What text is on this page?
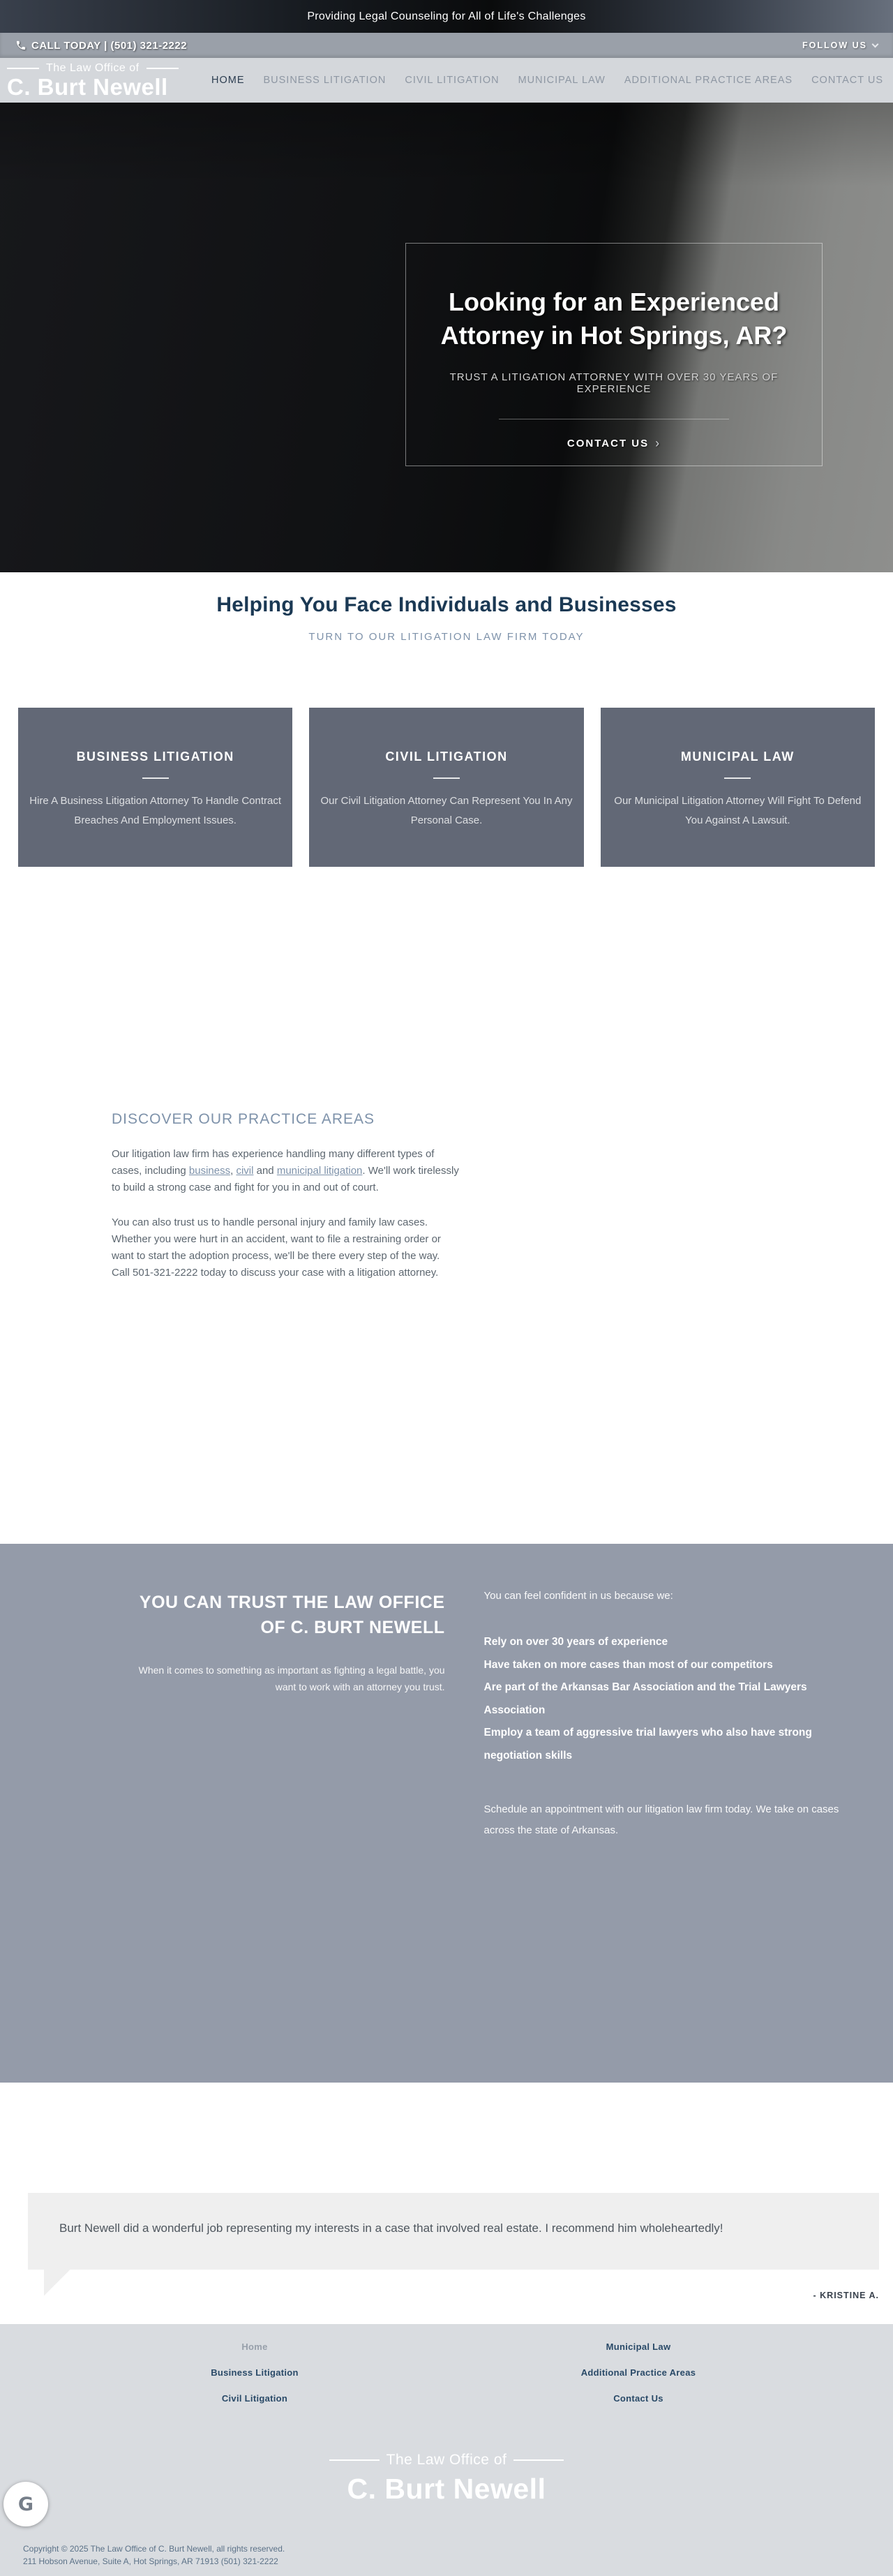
Providing Legal Counseling for All of Life's Challenges
CALL TODAY | (501) 321-2222	FOLLOW US
The Law Office of
C. Burt Newell	HOME BUSINESS LITIGATION CIVIL LITIGATION MUNICIPAL LAW ADDITIONAL PRACTICE AREAS CONTACT US
Looking for an Experienced Attorney in Hot Springs, AR?
TRUST A LITIGATION ATTORNEY WITH OVER 30 YEARS OF EXPERIENCE
CONTACT US ›
Helping You Face Individuals and Businesses
TURN TO OUR LITIGATION LAW FIRM TODAY
BUSINESS LITIGATION
Hire A Business Litigation Attorney To Handle Contract Breaches And Employment Issues.
CIVIL LITIGATION
Our Civil Litigation Attorney Can Represent You In Any Personal Case.
MUNICIPAL LAW
Our Municipal Litigation Attorney Will Fight To Defend You Against A Lawsuit.
DISCOVER OUR PRACTICE AREAS

Our litigation law firm has experience handling many different types of cases, including business, civil and municipal litigation. We'll work tirelessly to build a strong case and fight for you in and out of court.

You can also trust us to handle personal injury and family law cases. Whether you were hurt in an accident, want to file a restraining order or want to start the adoption process, we'll be there every step of the way. Call 501-321-2222 today to discuss your case with a litigation attorney.

YOU CAN TRUST THE LAW OFFICE OF C. BURT NEWELL

When it comes to something as important as fighting a legal battle, you want to work with an attorney you trust.

You can feel confident in us because we:
Rely on over 30 years of experience
Have taken on more cases than most of our competitors
Are part of the Arkansas Bar Association and the Trial Lawyers Association
Employ a team of aggressive trial lawyers who also have strong negotiation skills
Schedule an appointment with our litigation law firm today. We take on cases across the state of Arkansas.

Burt Newell did a wonderful job representing my interests in a case that involved real estate. I recommend him wholeheartedly!

- KRISTINE A.
Home	Municipal Law
Business Litigation	Additional Practice Areas
Civil Litigation	Contact Us
The Law Office of
C. Burt Newell
G
Copyright © 2025 The Law Office of C. Burt Newell, all rights reserved.
211 Hobson Avenue, Suite A, Hot Springs, AR 71913 (501) 321-2222
